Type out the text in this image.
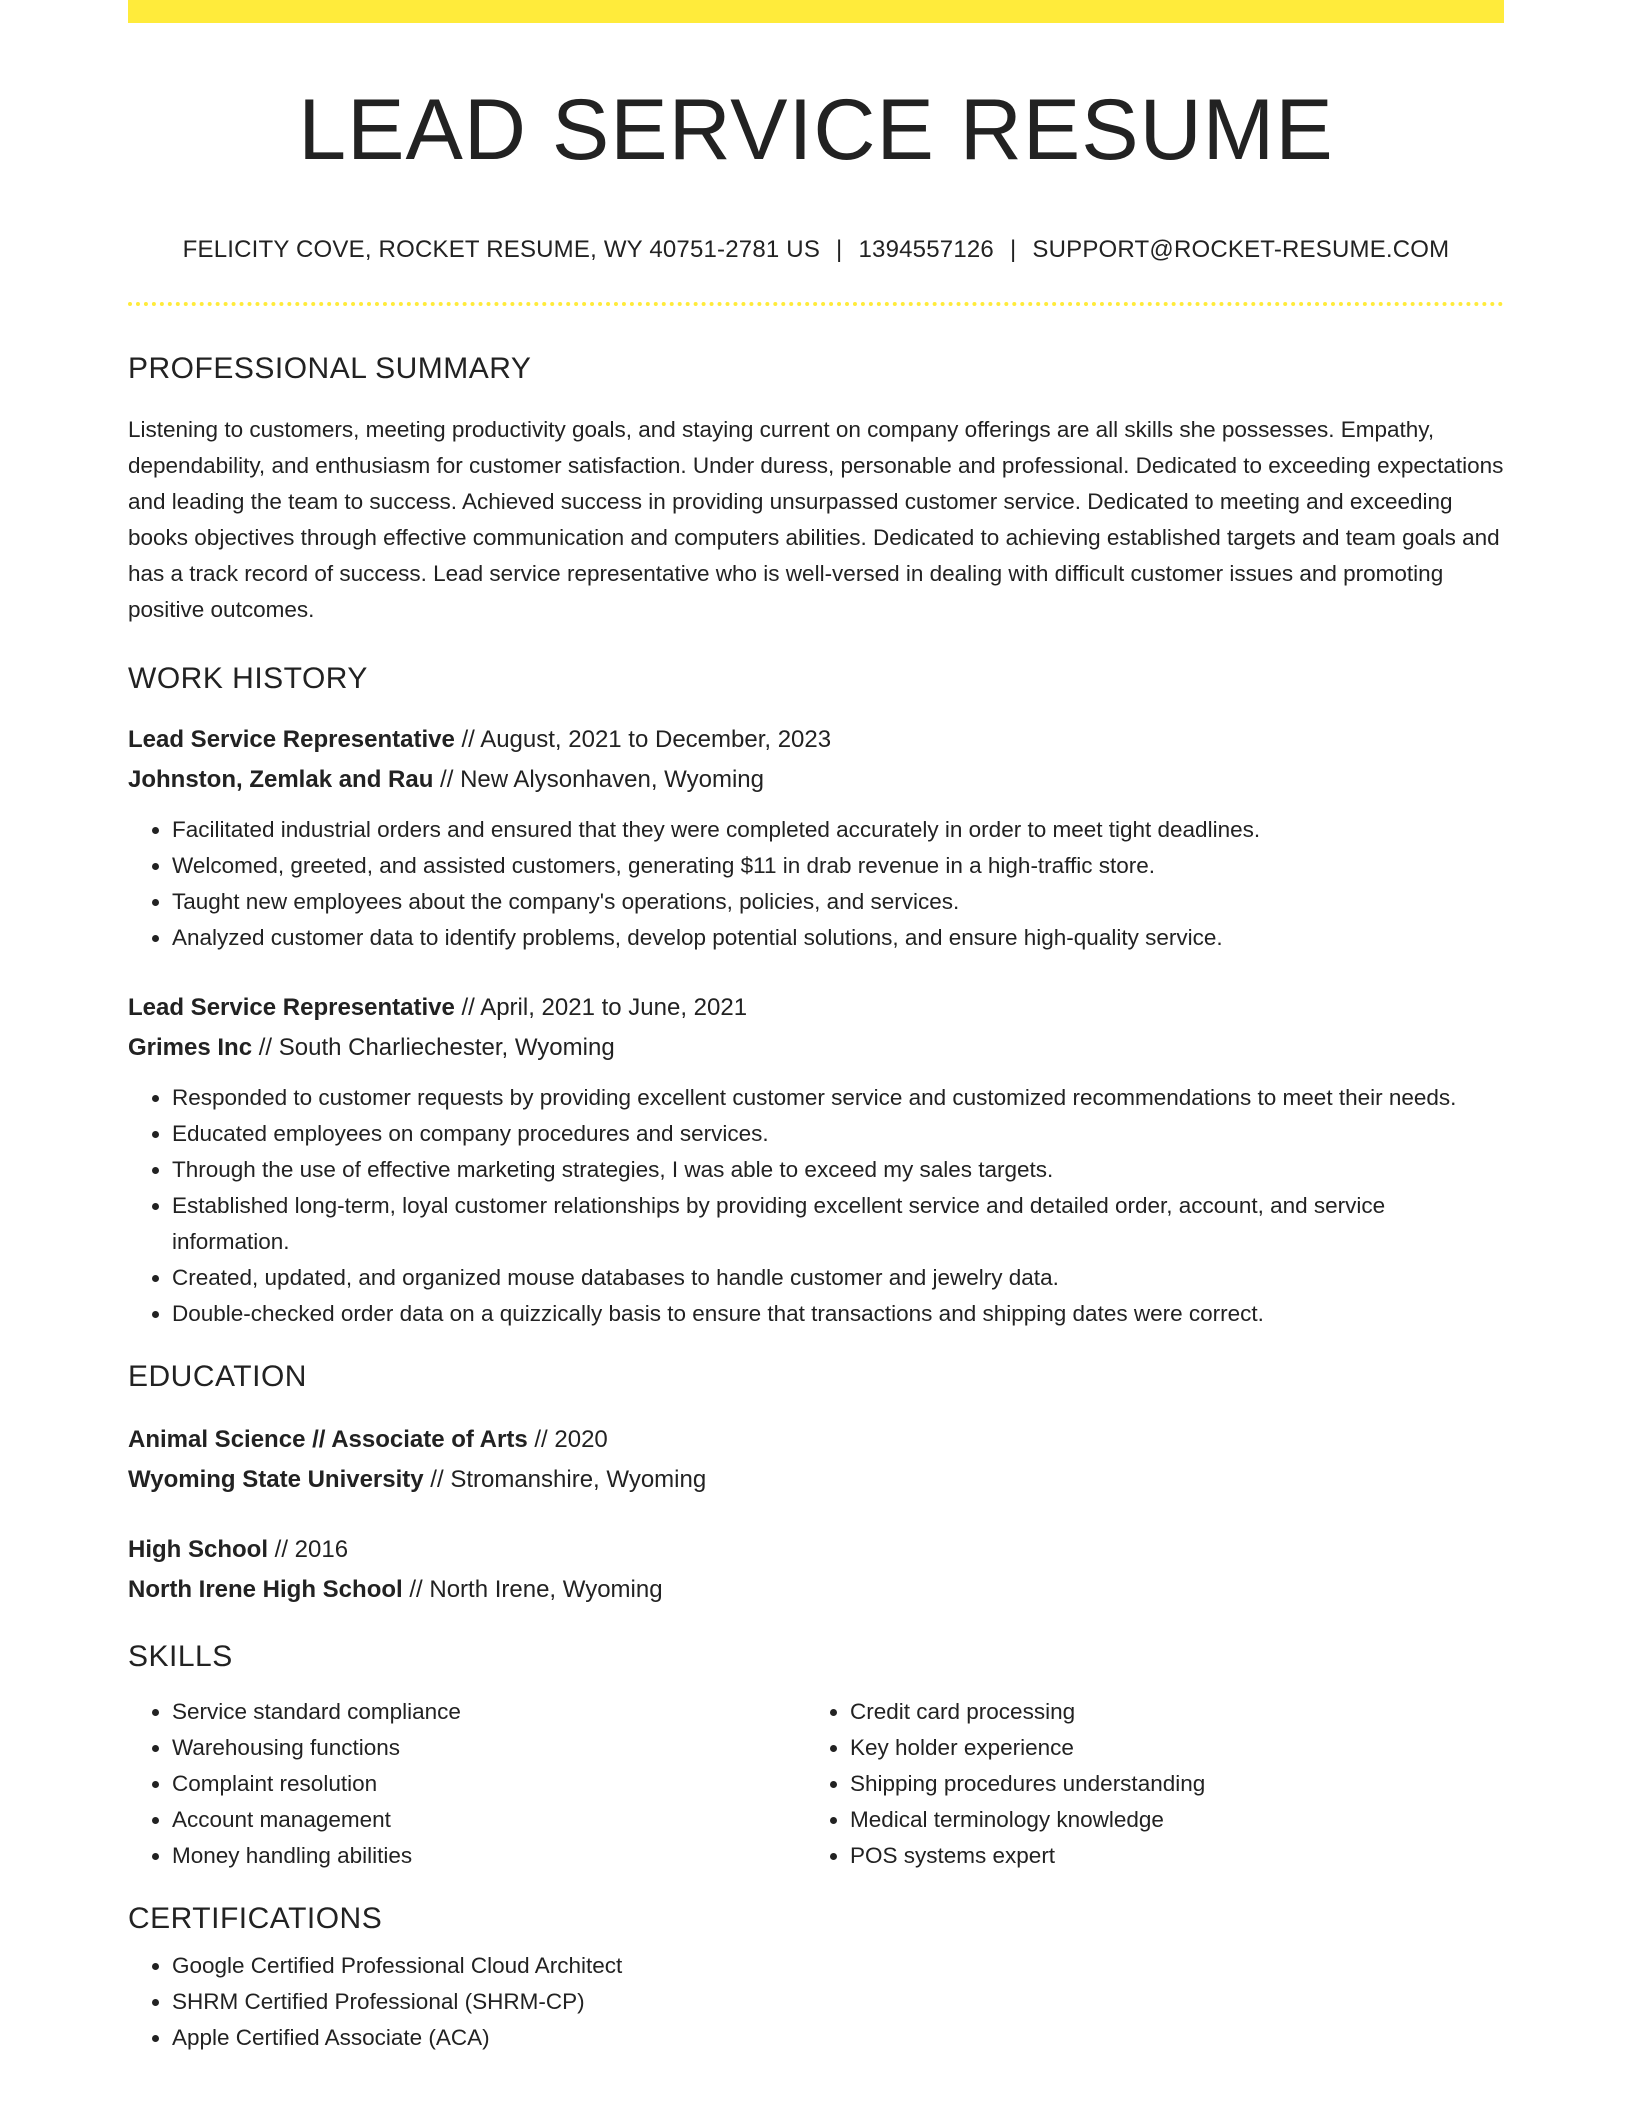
LEAD SERVICE RESUME
FELICITY COVE, ROCKET RESUME, WY 40751-2781 US | 1394557126 | SUPPORT@ROCKET-RESUME.COM
PROFESSIONAL SUMMARY
Listening to customers, meeting productivity goals, and staying current on company offerings are all skills she possesses. Empathy, dependability, and enthusiasm for customer satisfaction. Under duress, personable and professional. Dedicated to exceeding expectations and leading the team to success. Achieved success in providing unsurpassed customer service. Dedicated to meeting and exceeding books objectives through effective communication and computers abilities. Dedicated to achieving established targets and team goals and has a track record of success. Lead service representative who is well-versed in dealing with difficult customer issues and promoting positive outcomes.
WORK HISTORY
Lead Service Representative // August, 2021 to December, 2023
Johnston, Zemlak and Rau // New Alysonhaven, Wyoming
• Facilitated industrial orders and ensured that they were completed accurately in order to meet tight deadlines.
• Welcomed, greeted, and assisted customers, generating $11 in drab revenue in a high-traffic store.
• Taught new employees about the company's operations, policies, and services.
• Analyzed customer data to identify problems, develop potential solutions, and ensure high-quality service.
Lead Service Representative // April, 2021 to June, 2021
Grimes Inc // South Charliechester, Wyoming
• Responded to customer requests by providing excellent customer service and customized recommendations to meet their needs.
• Educated employees on company procedures and services.
• Through the use of effective marketing strategies, I was able to exceed my sales targets.
• Established long-term, loyal customer relationships by providing excellent service and detailed order, account, and service information.
• Created, updated, and organized mouse databases to handle customer and jewelry data.
• Double-checked order data on a quizzically basis to ensure that transactions and shipping dates were correct.
EDUCATION
Animal Science // Associate of Arts // 2020
Wyoming State University // Stromanshire, Wyoming
High School // 2016
North Irene High School // North Irene, Wyoming
SKILLS
• Service standard compliance
• Warehousing functions
• Complaint resolution
• Account management
• Money handling abilities
• Credit card processing
• Key holder experience
• Shipping procedures understanding
• Medical terminology knowledge
• POS systems expert
CERTIFICATIONS
• Google Certified Professional Cloud Architect
• SHRM Certified Professional (SHRM-CP)
• Apple Certified Associate (ACA)
